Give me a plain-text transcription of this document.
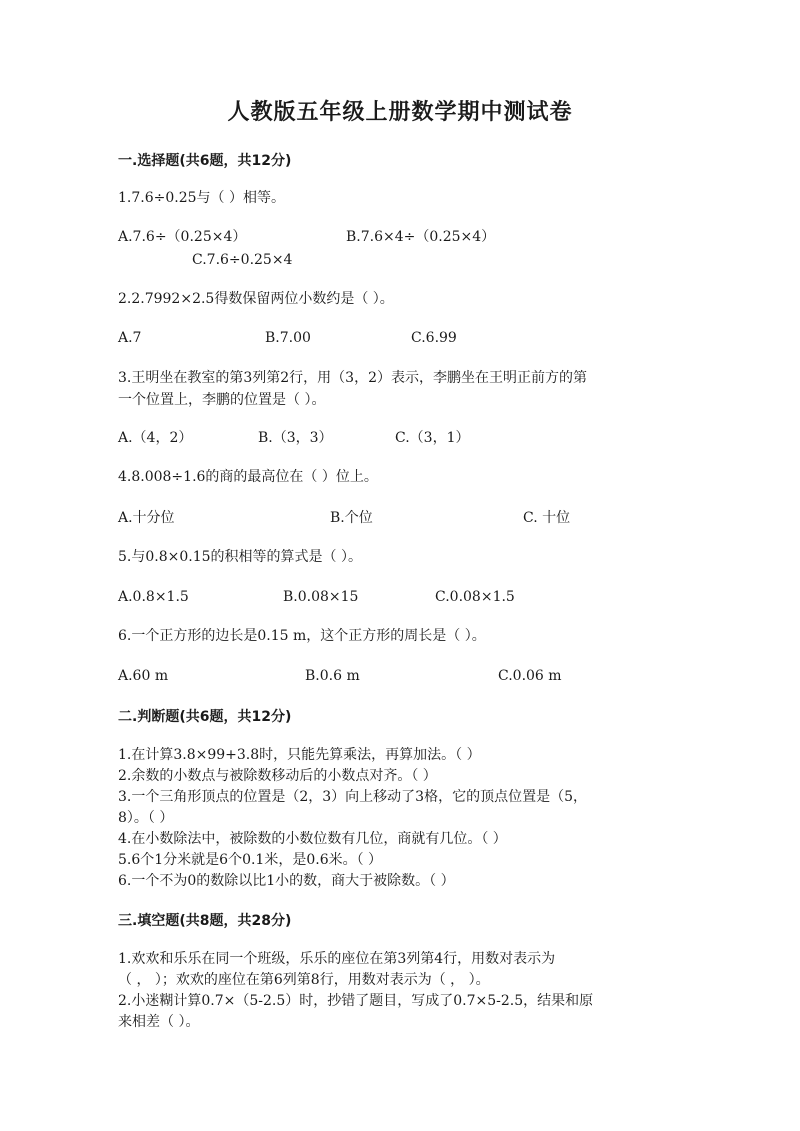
人教版五年级上册数学期中测试卷
一.选择题(共6题，共12分)
1.7.6÷0.25与（ ）相等。
A.7.6÷（0.25×4）	B.7.6×4÷（0.25×4）
C.7.6÷0.25×4
2.2.7992×2.5得数保留两位小数约是（ ）。
A.7	B.7.00	C.6.99
3.王明坐在教室的第3列第2行，用（3，2）表示，李鹏坐在王明正前方的第
一个位置上，李鹏的位置是（ ）。
A.（4，2）	B.（3，3）	C.（3，1）
4.8.008÷1.6的商的最高位在（ ）位上。
A.十分位	B.个位	C. 十位
5.与0.8×0.15的积相等的算式是（ ）。
A.0.8×1.5	B.0.08×15	C.0.08×1.5
6.一个正方形的边长是0.15 m，这个正方形的周长是（ ）。
A.60 m	B.0.6 m	C.0.06 m
二.判断题(共6题，共12分)
1.在计算3.8×99+3.8时，只能先算乘法，再算加法。（ ）
2.余数的小数点与被除数移动后的小数点对齐。（ ）
3.一个三角形顶点的位置是（2，3）向上移动了3格，它的顶点位置是（5，
8）。（ ）
4.在小数除法中，被除数的小数位数有几位，商就有几位。（ ）
5.6个1分米就是6个0.1米，是0.6米。（ ）
6.一个不为0的数除以比1小的数，商大于被除数。（ ）
三.填空题(共8题，共28分)
1.欢欢和乐乐在同一个班级，乐乐的座位在第3列第4行，用数对表示为
（ ， ）；欢欢的座位在第6列第8行，用数对表示为（ ， ）。
2.小迷糊计算0.7×（5-2.5）时，抄错了题目，写成了0.7×5-2.5，结果和原
来相差（ ）。
